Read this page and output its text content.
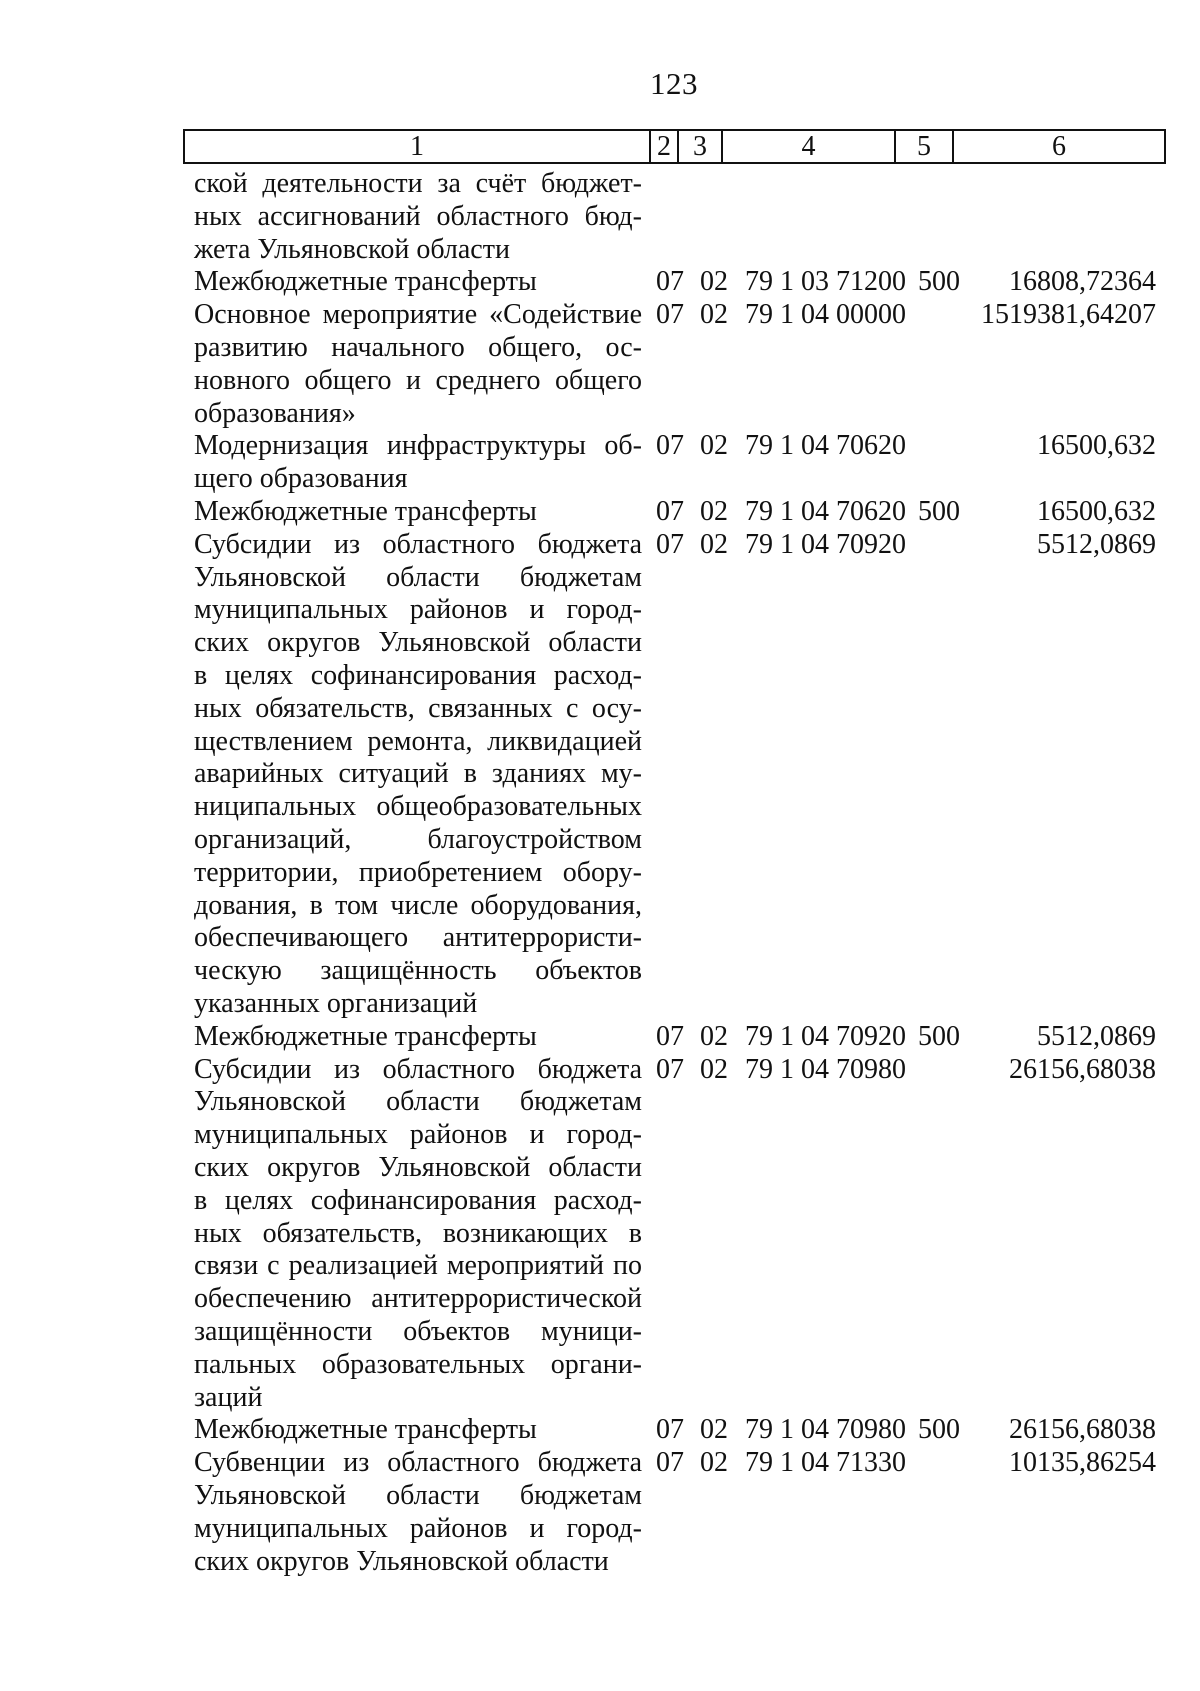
123
1	2 3	4	5	6
ской деятельности за счёт бюджет-
ных ассигнований областного бюд-
жета Ульяновской области
Межбюджетные трансферты	07 02 79 1 03 71200 500 16808,72364
Основное мероприятие «Содействие
развитию начального общего, ос-
новного общего и среднего общего
образования»
07 02 79 1 04 00000	1519381,64207
Модернизация инфраструктуры об-
щего образования
07 02 79 1 04 70620	16500,632
Межбюджетные трансферты	07 02 79 1 04 70620 500	16500,632
Субсидии из областного бюджета
Ульяновской области бюджетам
муниципальных районов и город-
ских округов Ульяновской области
в целях софинансирования расход-
ных обязательств, связанных с осу-
ществлением ремонта, ликвидацией
аварийных ситуаций в зданиях му-
ниципальных общеобразовательных
организаций, благоустройством
территории, приобретением обору-
дования, в том числе оборудования,
обеспечивающего антитеррористи-
ческую защищённость объектов
указанных организаций
07 02 79 1 04 70920	5512,0869
Межбюджетные трансферты	07 02 79 1 04 70920 500	5512,0869
Субсидии из областного бюджета
Ульяновской области бюджетам
муниципальных районов и город-
ских округов Ульяновской области
в целях софинансирования расход-
ных обязательств, возникающих в
связи с реализацией мероприятий по
обеспечению антитеррористической
защищённости объектов муници-
пальных образовательных органи-
заций
07 02 79 1 04 70980	26156,68038
Межбюджетные трансферты	07 02 79 1 04 70980 500 26156,68038
Субвенции из областного бюджета
Ульяновской области бюджетам
муниципальных районов и город-
ских округов Ульяновской области
07 02 79 1 04 71330	10135,86254
